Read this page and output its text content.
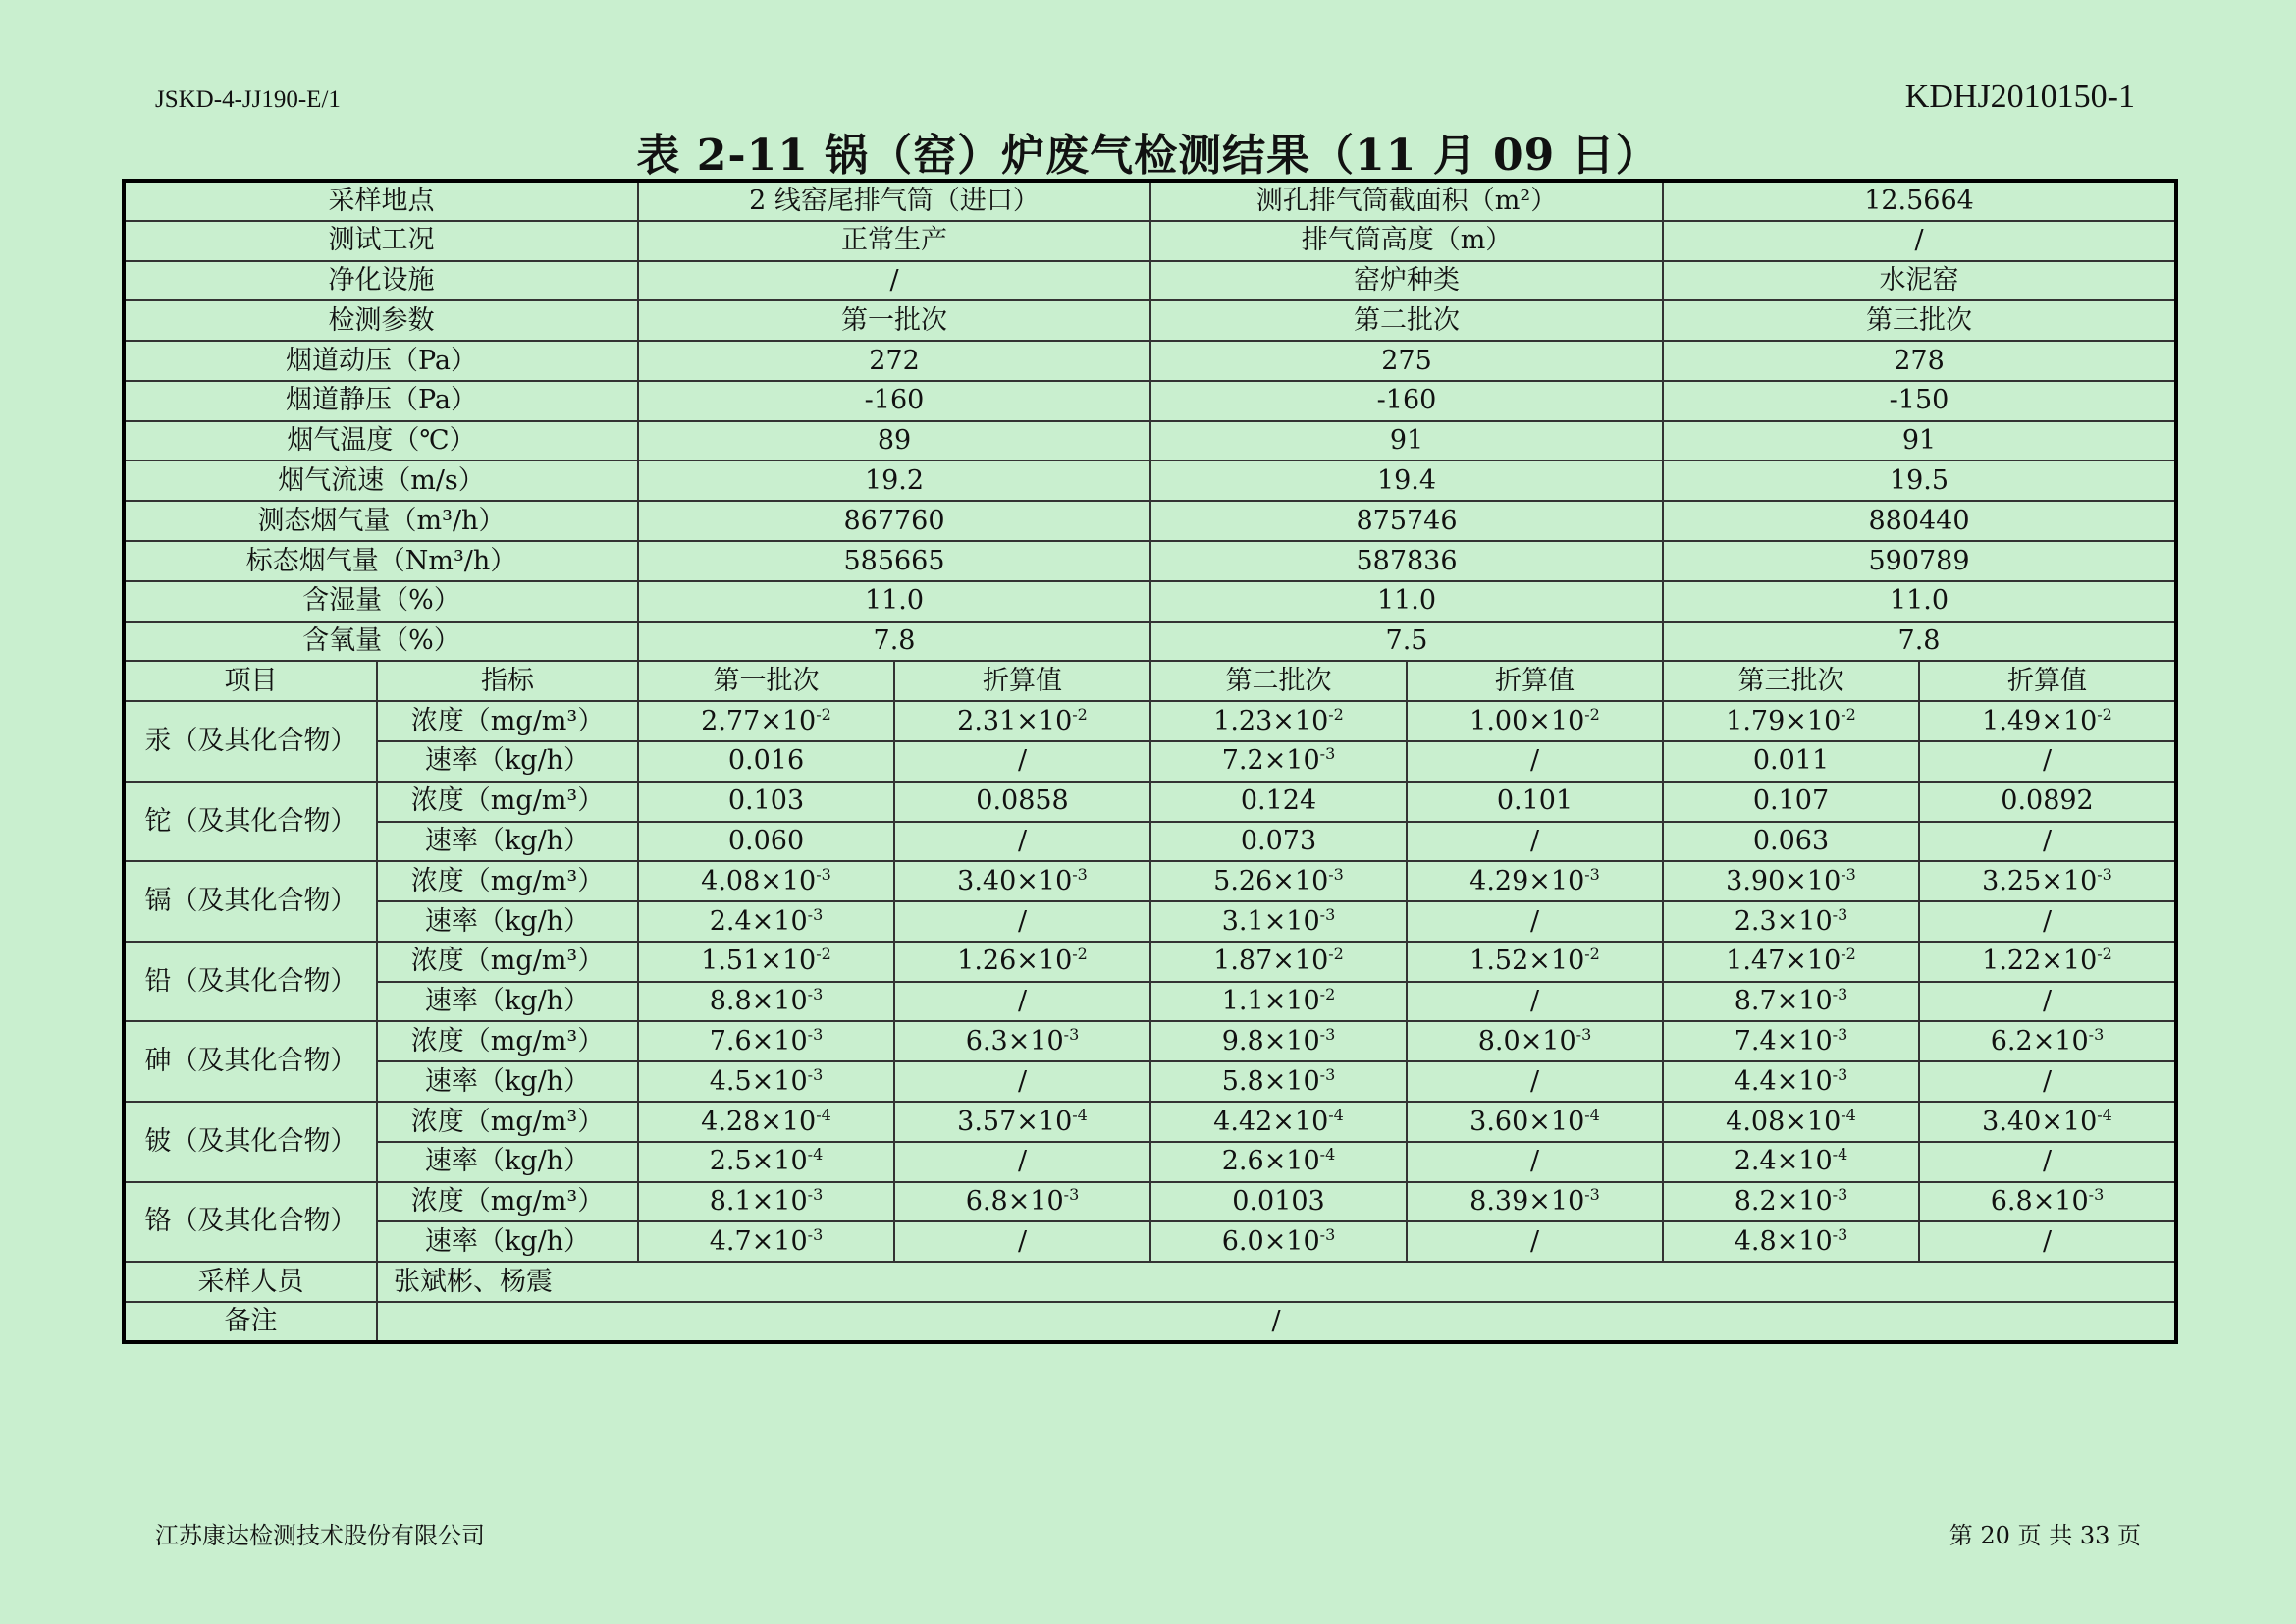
JSKD-4-JJ190-E/1	KDHJ2010150-1
表 2-11 锅（窑）炉废气检测结果（11 月 09 日）
采样地点		2 线窑尾排气筒（进口）		测孔排气筒截面积（m²）		12.5664	
测试工况		正常生产		排气筒高度（m）		/	
净化设施		/		窑炉种类		水泥窑	
检测参数		第一批次		第二批次		第三批次	
烟道动压（Pa）		272		275		278	
烟道静压（Pa）		-160		-160		-150	
烟气温度（℃）		89		91		91	
烟气流速（m/s）		19.2		19.4		19.5	
测态烟气量（m³/h）		867760		875746		880440	
标态烟气量（Nm³/h）		585665		587836		590789	
含湿量（%）		11.0		11.0		11.0	
含氧量（%）		7.8		7.5		7.8	
项目	指标	第一批次	折算值	第二批次	折算值	第三批次	折算值
汞（及其化合物）	浓度（mg/m³）	$2.77\times 10^{-2}$	$2.31\times 10^{-2}$	$1.23\times 10^{-2}$	$1.00\times 10^{-2}$	$1.79\times 10^{-2}$	$1.49\times 10^{-2}$
	速率（kg/h）	0.016	/	$7.2\times 10^{-3}$	/	0.011	/
铊（及其化合物）	浓度（mg/m³）	0.103	0.0858	0.124	0.101	0.107	0.0892
	速率（kg/h）	0.060	/	0.073	/	0.063	/
镉（及其化合物）	浓度（mg/m³）	$4.08\times 10^{-3}$	$3.40\times 10^{-3}$	$5.26\times 10^{-3}$	$4.29\times 10^{-3}$	$3.90\times 10^{-3}$	$3.25\times 10^{-3}$
	速率（kg/h）	$2.4\times 10^{-3}$	/	$3.1\times 10^{-3}$	/	$2.3\times 10^{-3}$	/
铅（及其化合物）	浓度（mg/m³）	$1.51\times 10^{-2}$	$1.26\times 10^{-2}$	$1.87\times 10^{-2}$	$1.52\times 10^{-2}$	$1.47\times 10^{-2}$	$1.22\times 10^{-2}$
	速率（kg/h）	$8.8\times 10^{-3}$	/	$1.1\times 10^{-2}$	/	$8.7\times 10^{-3}$	/
砷（及其化合物）	浓度（mg/m³）	$7.6\times 10^{-3}$	$6.3\times 10^{-3}$	$9.8\times 10^{-3}$	$8.0\times 10^{-3}$	$7.4\times 10^{-3}$	$6.2\times 10^{-3}$
	速率（kg/h）	$4.5\times 10^{-3}$	/	$5.8\times 10^{-3}$	/	$4.4\times 10^{-3}$	/
铍（及其化合物）	浓度（mg/m³）	$4.28\times 10^{-4}$	$3.57\times 10^{-4}$	$4.42\times 10^{-4}$	$3.60\times 10^{-4}$	$4.08\times 10^{-4}$	$3.40\times 10^{-4}$
	速率（kg/h）	$2.5\times 10^{-4}$	/	$2.6\times 10^{-4}$	/	$2.4\times 10^{-4}$	/
铬（及其化合物）	浓度（mg/m³）	$8.1\times 10^{-3}$	$6.8\times 10^{-3}$	0.0103	$8.39\times 10^{-3}$	$8.2\times 10^{-3}$	$6.8\times 10^{-3}$
	速率（kg/h）	$4.7\times 10^{-3}$	/	$6.0\times 10^{-3}$	/	$4.8\times 10^{-3}$	/
采样人员	张斌彬、杨震						
备注	/						
江苏康达检测技术股份有限公司	第 20 页 共 33 页
